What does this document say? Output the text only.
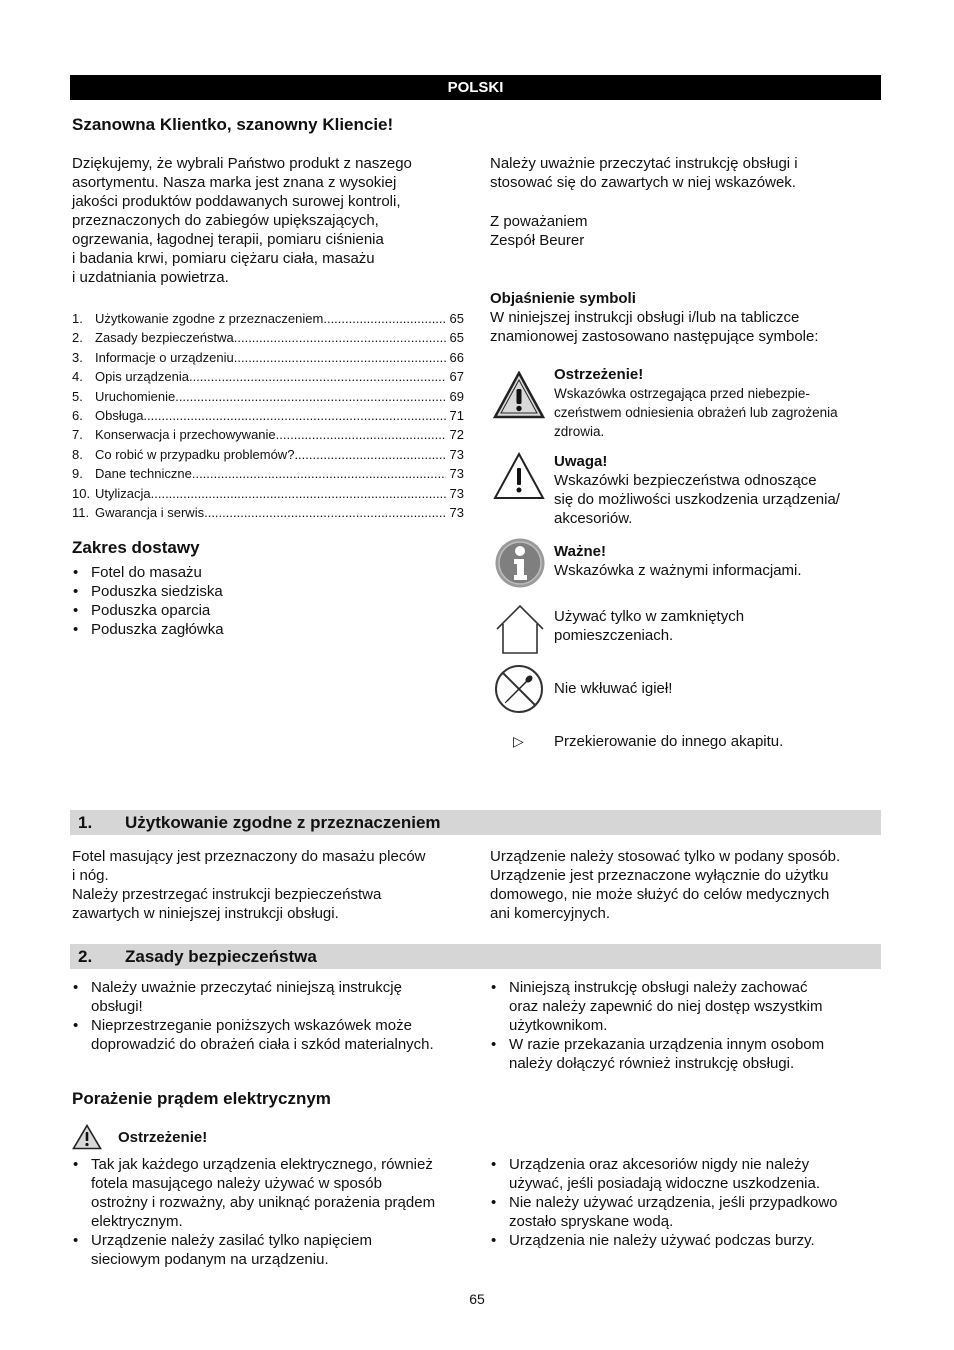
POLSKI
Szanowna Klientko, szanowny Kliencie!
Dziękujemy, że wybrali Państwo produkt z naszego
asortymentu. Nasza marka jest znana z wysokiej
jakości produktów poddawanych surowej kontroli,
przeznaczonych do zabiegów upiększających,
ogrzewania, łagodnej terapii, pomiaru ciśnienia
i badania krwi, pomiaru ciężaru ciała, masażu
i uzdatniania powietrza.
Należy uważnie przeczytać instrukcję obsługi i
stosować się do zawartych w niej wskazówek.
Z poważaniem
Zespół Beurer
1. Użytkowanie zgodne z przeznaczeniem .....	65
2. Zasady bezpieczeństwa .....	65
3. Informacje o urządzeniu .....	66
4. Opis urządzenia .....	67
5. Uruchomienie .....	69
6. Obsługa .....	71
7. Konserwacja i przechowywanie .....	72
8. Co robić w przypadku problemów? .....	73
9. Dane techniczne .....	73
10. Utylizacja .....	73
11. Gwarancja i serwis .....	73
Zakres dostawy
• Fotel do masażu
• Poduszka siedziska
• Poduszka oparcia
• Poduszka zagłówka
Objaśnienie symboli
W niniejszej instrukcji obsługi i/lub na tabliczce
znamionowej zastosowano następujące symbole:
Ostrzeżenie!
Wskazówka ostrzegająca przed niebezpie-
czeństwem odniesienia obrażeń lub zagrożenia
zdrowia.
Uwaga!
Wskazówki bezpieczeństwa odnoszące
się do możliwości uszkodzenia urządzenia/
akcesoriów.
Ważne!
Wskazówka z ważnymi informacjami.
Używać tylko w zamkniętych
pomieszczeniach.
Nie wkłuwać igieł!
▷ Przekierowanie do innego akapitu.
1. Użytkowanie zgodne z przeznaczeniem
Fotel masujący jest przeznaczony do masażu pleców
i nóg.
Należy przestrzegać instrukcji bezpieczeństwa
zawartych w niniejszej instrukcji obsługi.
Urządzenie należy stosować tylko w podany sposób.
Urządzenie jest przeznaczone wyłącznie do użytku
domowego, nie może służyć do celów medycznych
ani komercyjnych.
2. Zasady bezpieczeństwa
• Należy uważnie przeczytać niniejszą instrukcję
obsługi!
• Nieprzestrzeganie poniższych wskazówek może
doprowadzić do obrażeń ciała i szkód materialnych.
• Niniejszą instrukcję obsługi należy zachować
oraz należy zapewnić do niej dostęp wszystkim
użytkownikom.
• W razie przekazania urządzenia innym osobom
należy dołączyć również instrukcję obsługi.
Porażenie prądem elektrycznym
Ostrzeżenie!
• Tak jak każdego urządzenia elektrycznego, również
fotela masującego należy używać w sposób
ostrożny i rozważny, aby uniknąć porażenia prądem
elektrycznym.
• Urządzenie należy zasilać tylko napięciem
sieciowym podanym na urządzeniu.
• Urządzenia oraz akcesoriów nigdy nie należy
używać, jeśli posiadają widoczne uszkodzenia.
• Nie należy używać urządzenia, jeśli przypadkowo
zostało spryskane wodą.
• Urządzenia nie należy używać podczas burzy.
65
